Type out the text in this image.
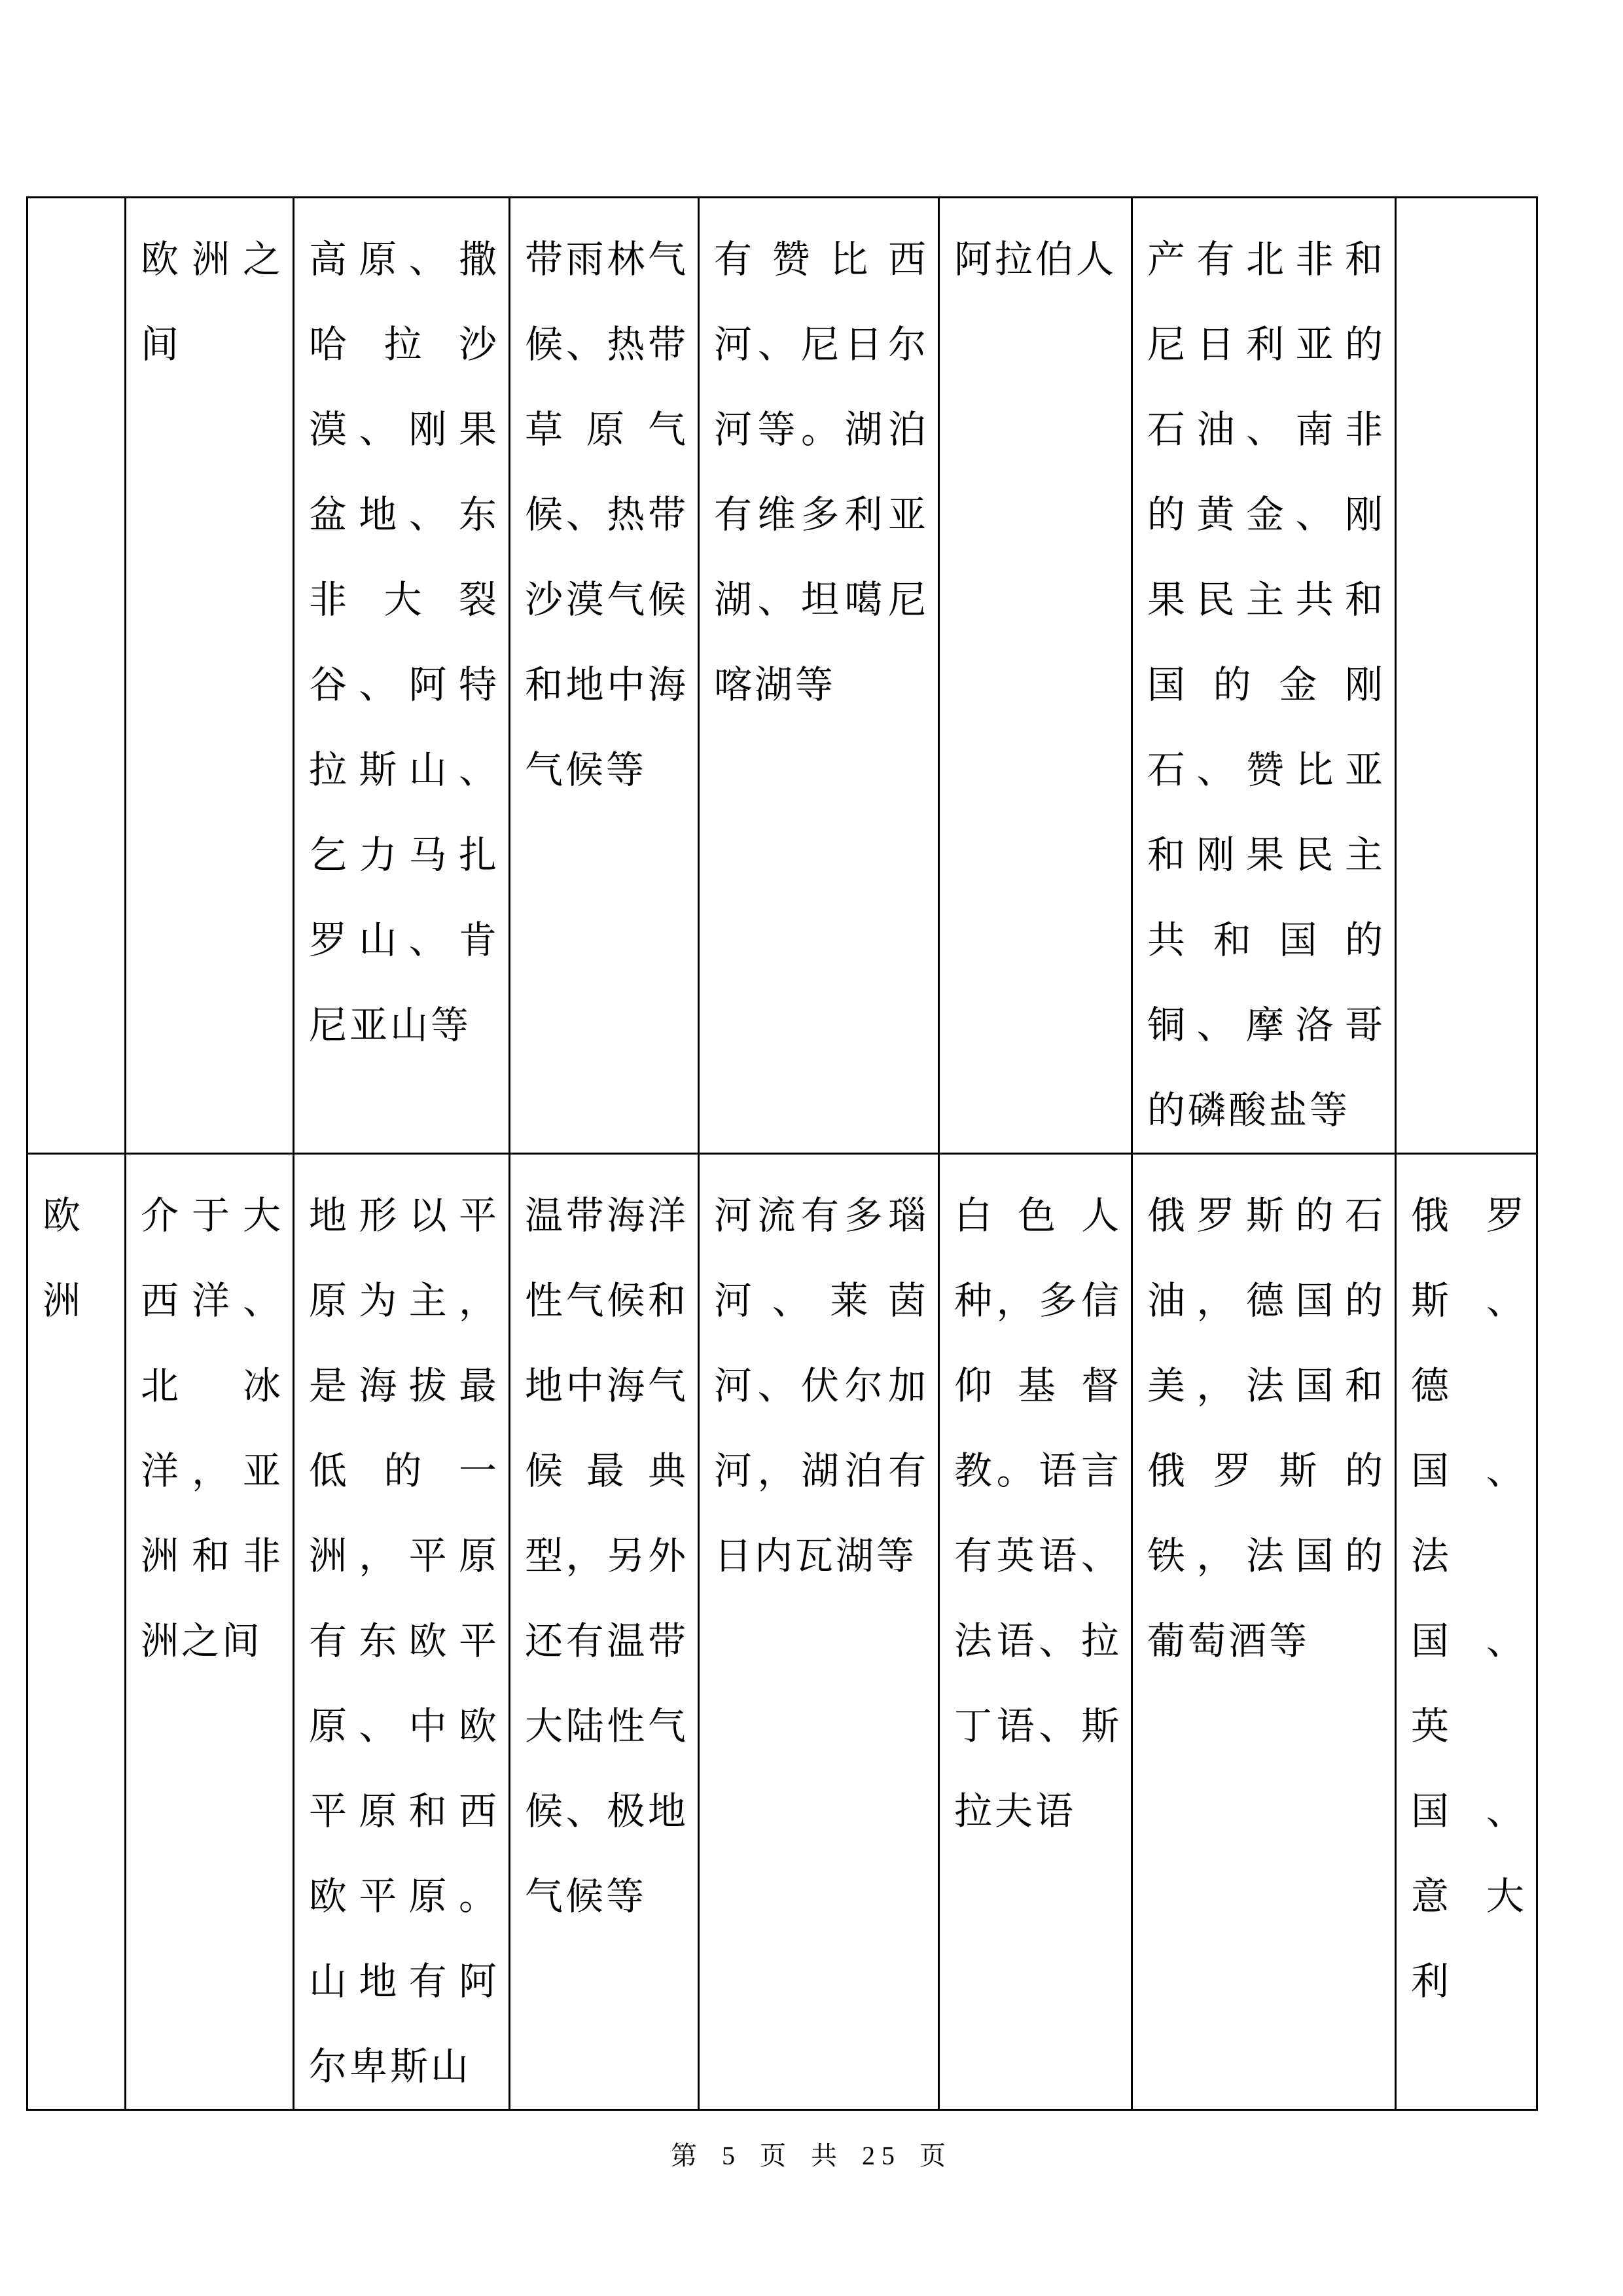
	欧洲之间	高原、撒哈拉沙漠、刚果盆地、东非大裂谷、阿特拉斯山、乞力马扎罗山、肯尼亚山等	带雨林气候、热带草原气候、热带沙漠气候和地中海气候等	有赞比西河、尼日尔河等。湖泊有维多利亚湖、坦噶尼喀湖等	阿拉伯人	产有北非和尼日利亚的石油、南非的黄金、刚果民主共和国的金刚石、赞比亚和刚果民主共和国的铜、摩洛哥的磷酸盐等	
欧洲	介于大西洋、北冰洋，亚洲和非洲之间	地形以平原为主，是海拔最低的一洲，平原有东欧平原、中欧平原和西欧平原。山地有阿尔卑斯山	温带海洋性气候和地中海气候最典型，另外还有温带大陆性气候、极地气候等	河流有多瑙河、莱茵河、伏尔加河，湖泊有日内瓦湖等	白色人种，多信仰基督教。语言有英语、法语、拉丁语、斯拉夫语	俄罗斯的石油，德国的美，法国和俄罗斯的铁，法国的葡萄酒等	俄罗斯、德国、法国、英国、意大利
第 5 页 共 25 页
